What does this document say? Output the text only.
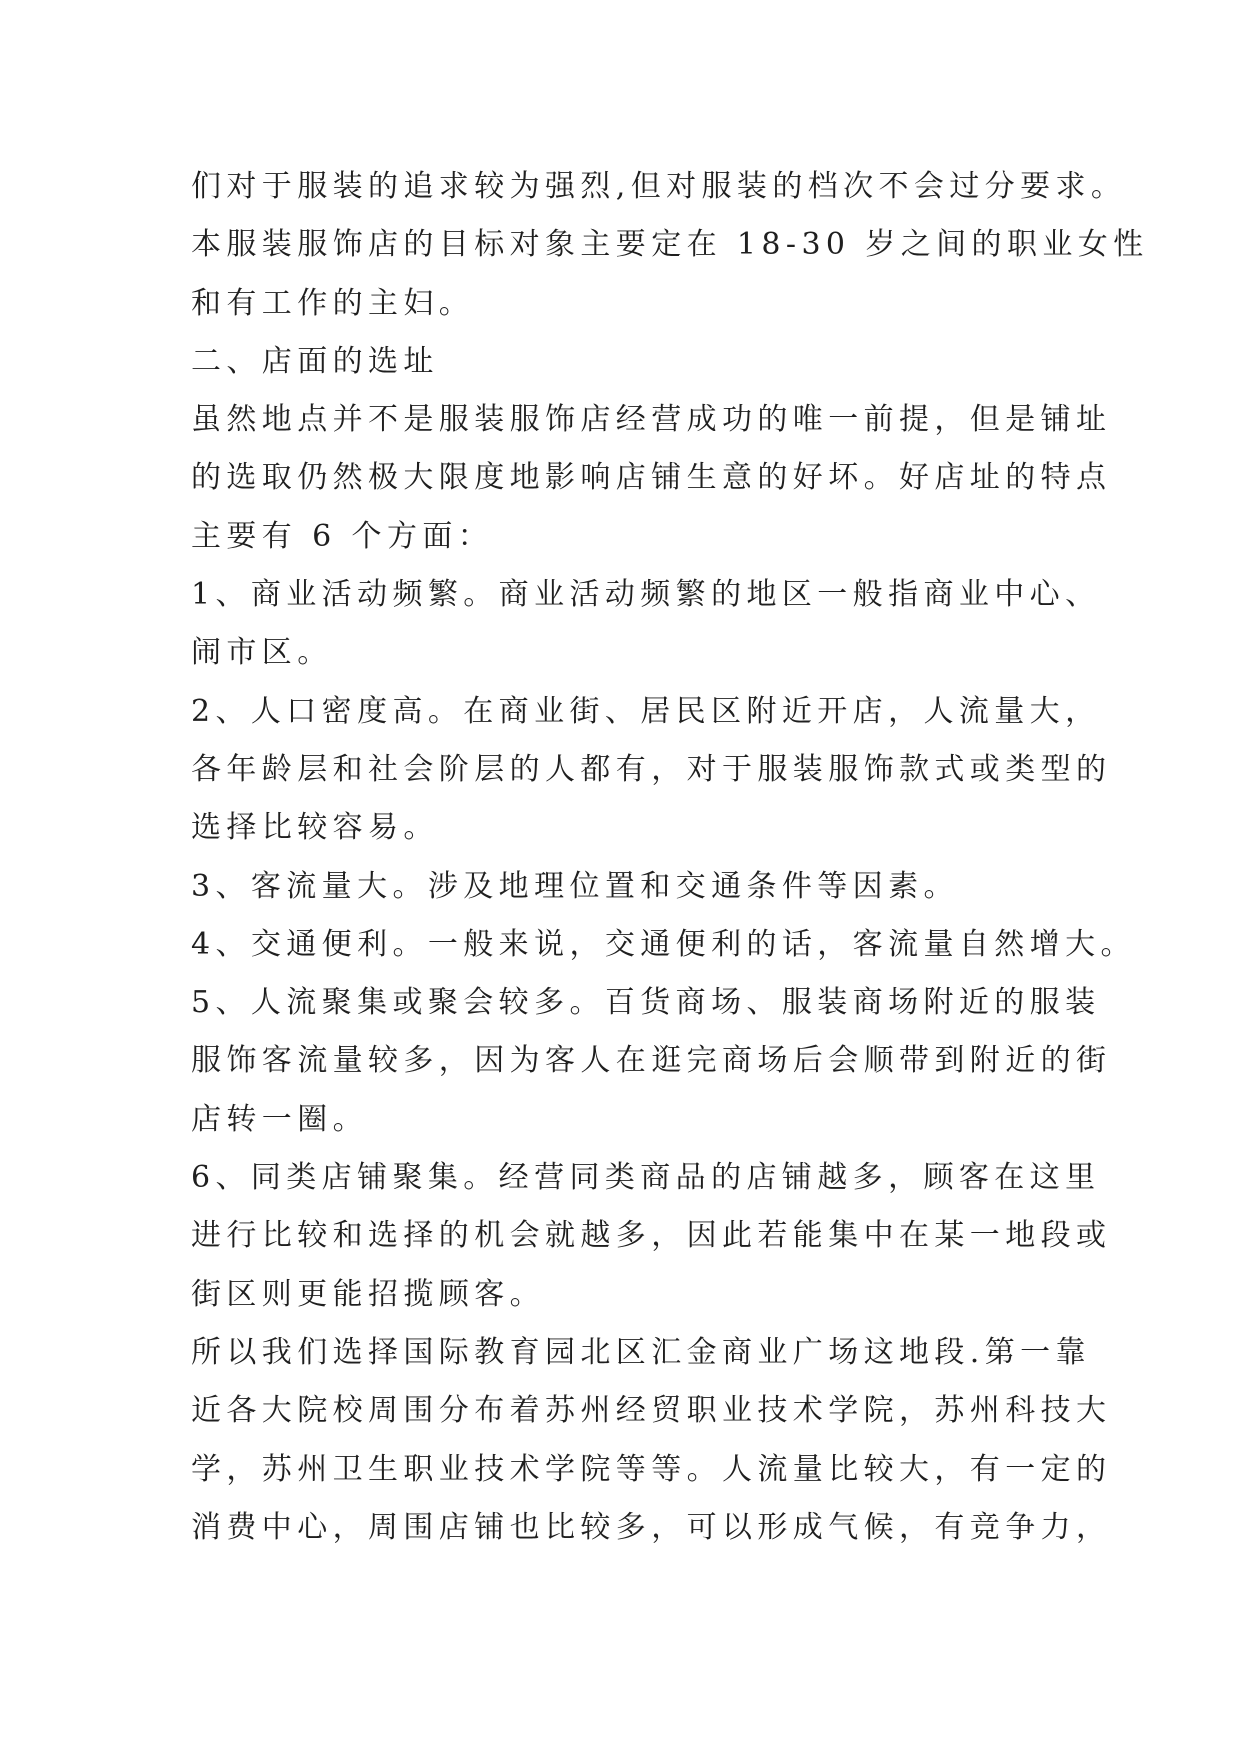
们对于服装的追求较为强烈,但对服装的档次不会过分要求。
本服装服饰店的目标对象主要定在 18-30 岁之间的职业女性
和有工作的主妇。
二、店面的选址
虽然地点并不是服装服饰店经营成功的唯一前提，但是铺址
的选取仍然极大限度地影响店铺生意的好坏。好店址的特点
主要有 6 个方面：
1、商业活动频繁。商业活动频繁的地区一般指商业中心、
闹市区。
2、人口密度高。在商业街、居民区附近开店，人流量大，
各年龄层和社会阶层的人都有，对于服装服饰款式或类型的
选择比较容易。
3、客流量大。涉及地理位置和交通条件等因素。
4、交通便利。一般来说，交通便利的话，客流量自然增大。
5、人流聚集或聚会较多。百货商场、服装商场附近的服装
服饰客流量较多，因为客人在逛完商场后会顺带到附近的街
店转一圈。
6、同类店铺聚集。经营同类商品的店铺越多，顾客在这里
进行比较和选择的机会就越多，因此若能集中在某一地段或
街区则更能招揽顾客。
所以我们选择国际教育园北区汇金商业广场这地段.第一靠
近各大院校周围分布着苏州经贸职业技术学院，苏州科技大
学，苏州卫生职业技术学院等等。人流量比较大，有一定的
消费中心，周围店铺也比较多，可以形成气候，有竞争力，
